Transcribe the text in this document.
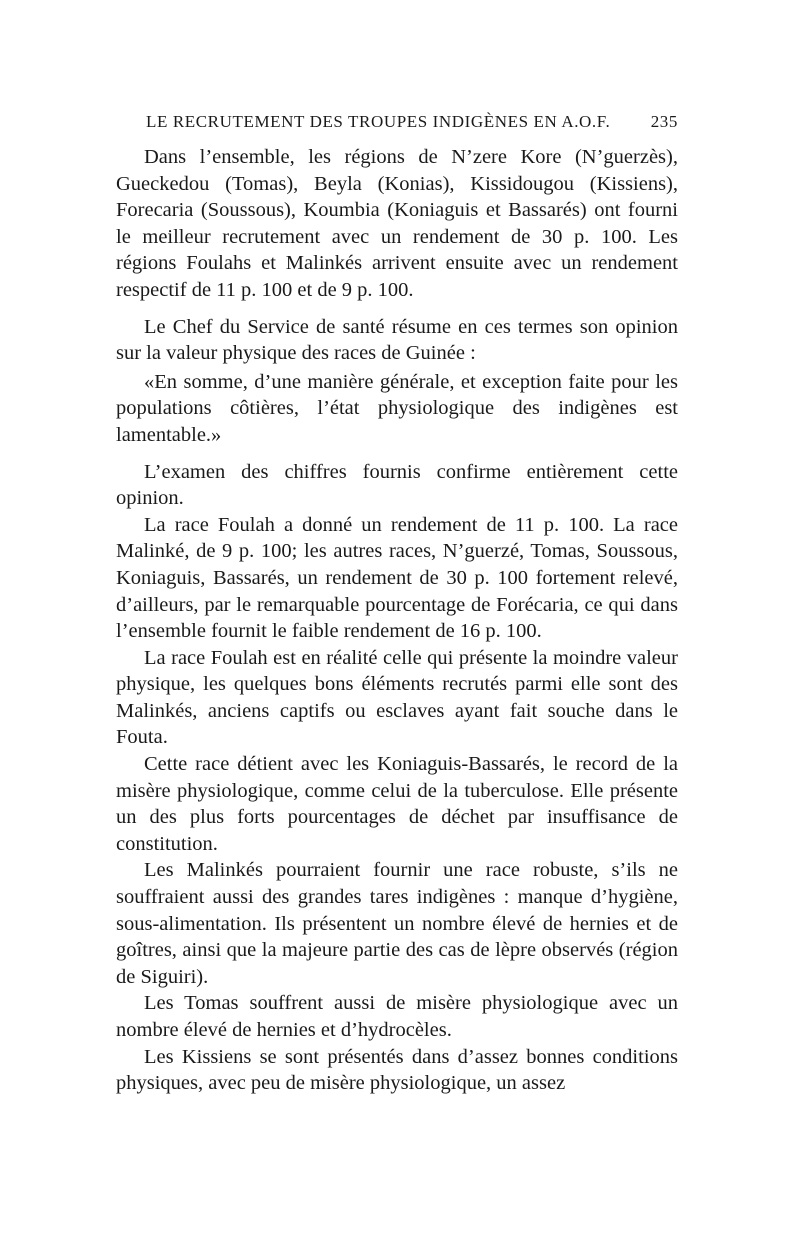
LE RECRUTEMENT DES TROUPES INDIGÈNES EN A.O.F. 235

Dans l’ensemble, les régions de N’zere Kore (N’guerzès), Gueckedou (Tomas), Beyla (Konias), Kissidougou (Kissiens), Forecaria (Soussous), Koumbia (Koniaguis et Bassarés) ont fourni le meilleur recrutement avec un rendement de 30 p. 100. Les régions Foulahs et Malinkés arrivent ensuite avec un rendement respectif de 11 p. 100 et de 9 p. 100.

Le Chef du Service de santé résume en ces termes son opinion sur la valeur physique des races de Guinée :

«En somme, d’une manière générale, et exception faite pour les populations côtières, l’état physiologique des indigènes est lamentable.»

L’examen des chiffres fournis confirme entièrement cette opinion.

La race Foulah a donné un rendement de 11 p. 100. La race Malinké, de 9 p. 100; les autres races, N’guerzé, Tomas, Soussous, Koniaguis, Bassarés, un rendement de 30 p. 100 fortement relevé, d’ailleurs, par le remarquable pourcentage de Forécaria, ce qui dans l’ensemble fournit le faible rendement de 16 p. 100.

La race Foulah est en réalité celle qui présente la moindre valeur physique, les quelques bons éléments recrutés parmi elle sont des Malinkés, anciens captifs ou esclaves ayant fait souche dans le Fouta.

Cette race détient avec les Koniaguis-Bassarés, le record de la misère physiologique, comme celui de la tuberculose. Elle présente un des plus forts pourcentages de déchet par insuffisance de constitution.

Les Malinkés pourraient fournir une race robuste, s’ils ne souffraient aussi des grandes tares indigènes : manque d’hygiène, sous-alimentation. Ils présentent un nombre élevé de hernies et de goîtres, ainsi que la majeure partie des cas de lèpre observés (région de Siguiri).

Les Tomas souffrent aussi de misère physiologique avec un nombre élevé de hernies et d’hydrocèles.

Les Kissiens se sont présentés dans d’assez bonnes conditions physiques, avec peu de misère physiologique, un assez
